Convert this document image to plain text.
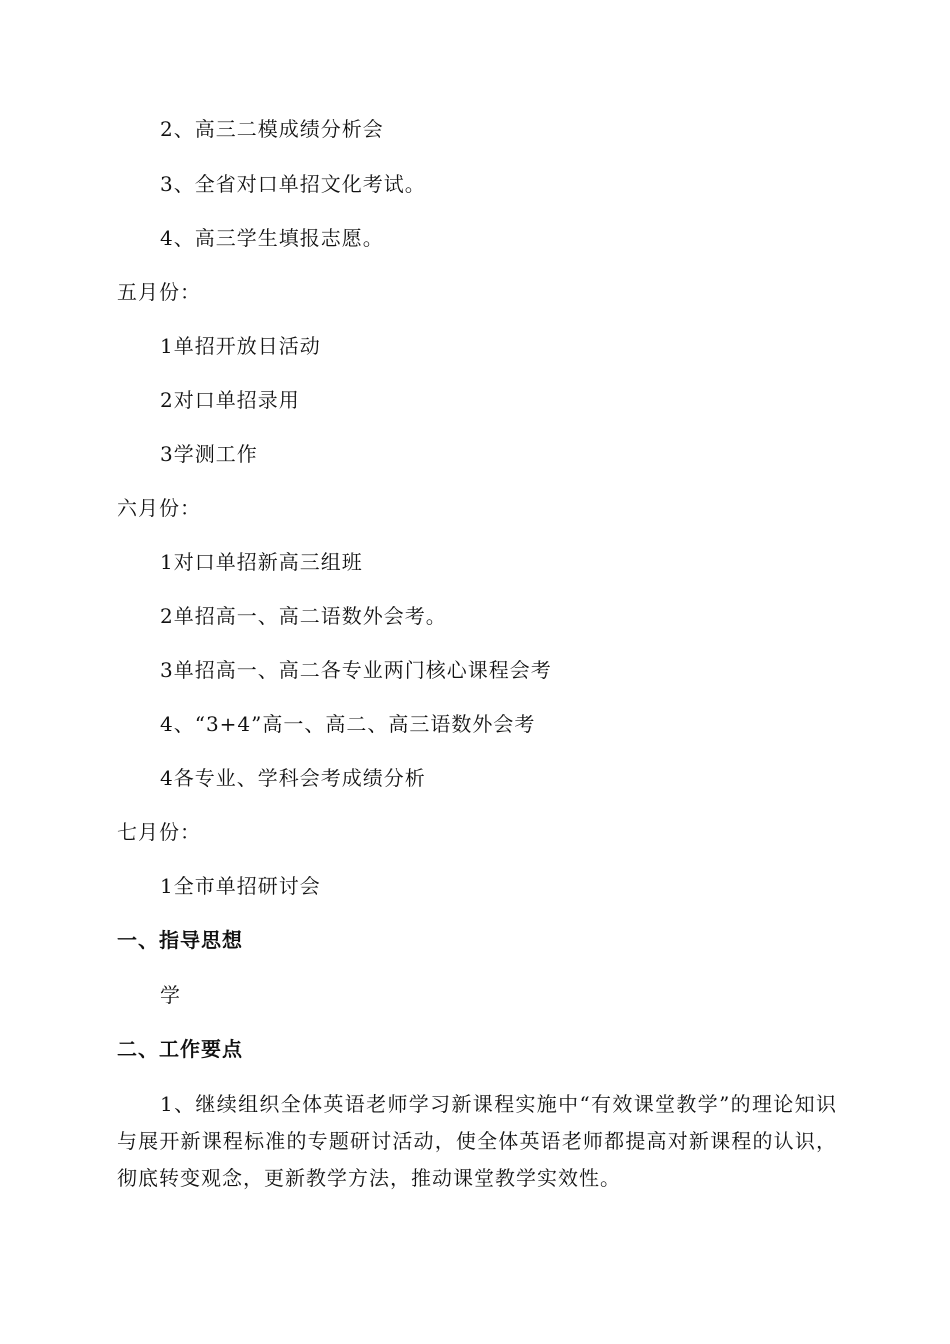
2、高三二模成绩分析会
3、全省对口单招文化考试。
4、高三学生填报志愿。
五月份：
1单招开放日活动
2对口单招录用
3学测工作
六月份：
1对口单招新高三组班
2单招高一、高二语数外会考。
3单招高一、高二各专业两门核心课程会考
4、“3+4”高一、高二、高三语数外会考
4各专业、学科会考成绩分析
七月份：
1全市单招研讨会
一、指导思想
学
二、工作要点
1、继续组织全体英语老师学习新课程实施中“有效课堂教学”的理论知识与展开新课程标准的专题研讨活动，使全体英语老师都提高对新课程的认识，彻底转变观念，更新教学方法，推动课堂教学实效性。
